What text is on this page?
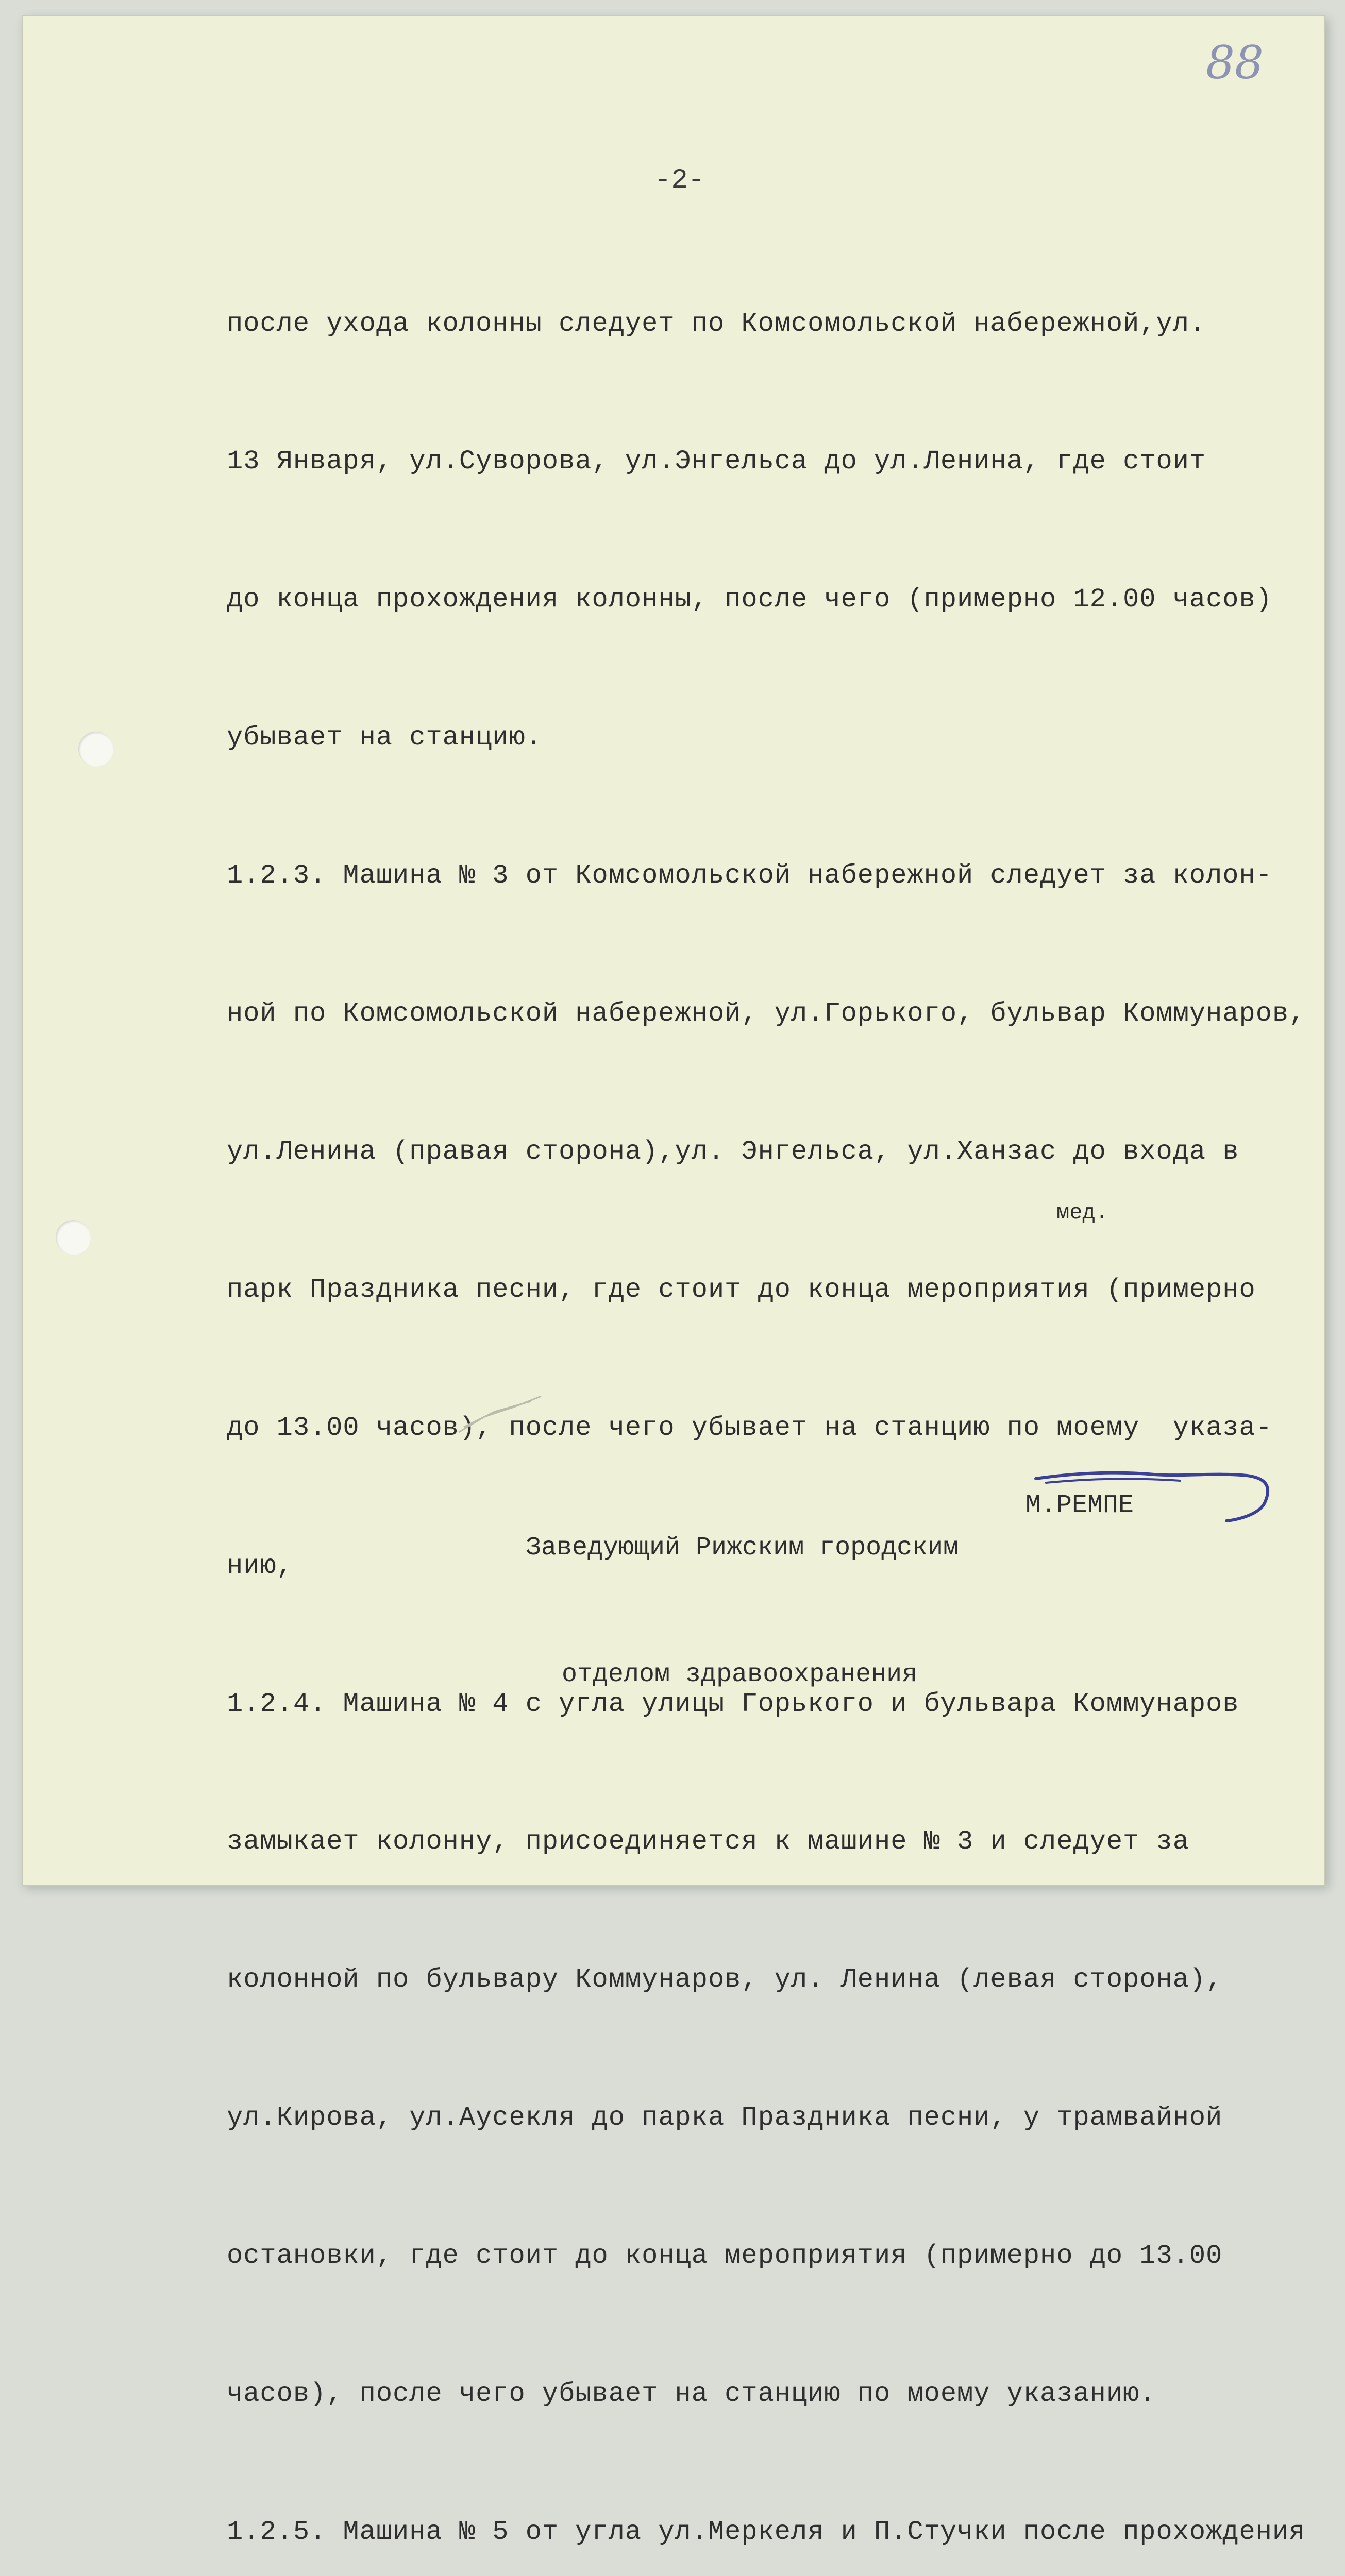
88
-2-

после ухода колонны следует по Комсомольской набережной,ул.

13 Января, ул.Суворова, ул.Энгельса до ул.Ленина, где стоит

до конца прохождения колонны, после чего (примерно 12.00 часов)

убывает на станцию.

1.2.3. Машина № 3 от Комсомольской набережной следует за колон-

ной по Комсомольской набережной, ул.Горького, бульвар Коммунаров,

ул.Ленина (правая сторона),ул. Энгельса, ул.Ханзас до входа в

парк Праздника песни, где стоит до конца мероприятия (примерно

до 13.00 часов), после чего убывает на станцию по моему  указа-

нию,

1.2.4. Машина № 4 с угла улицы Горького и бульвара Коммунаров

замыкает колонну, присоединяется к машине № 3 и следует за

колонной по бульвару Коммунаров, ул. Ленина (левая сторона),

ул.Кирова, ул.Аусекля до парка Праздника песни, у трамвайной

остановки, где стоит до конца мероприятия (примерно до 13.00

часов), после чего убывает на станцию по моему указанию.

1.2.5. Машина № 5 от угла ул.Меркеля и П.Стучки после прохождения

мед.

Заведующий Рижским городским

отделом здравоохранения

М.РЕМПЕ
